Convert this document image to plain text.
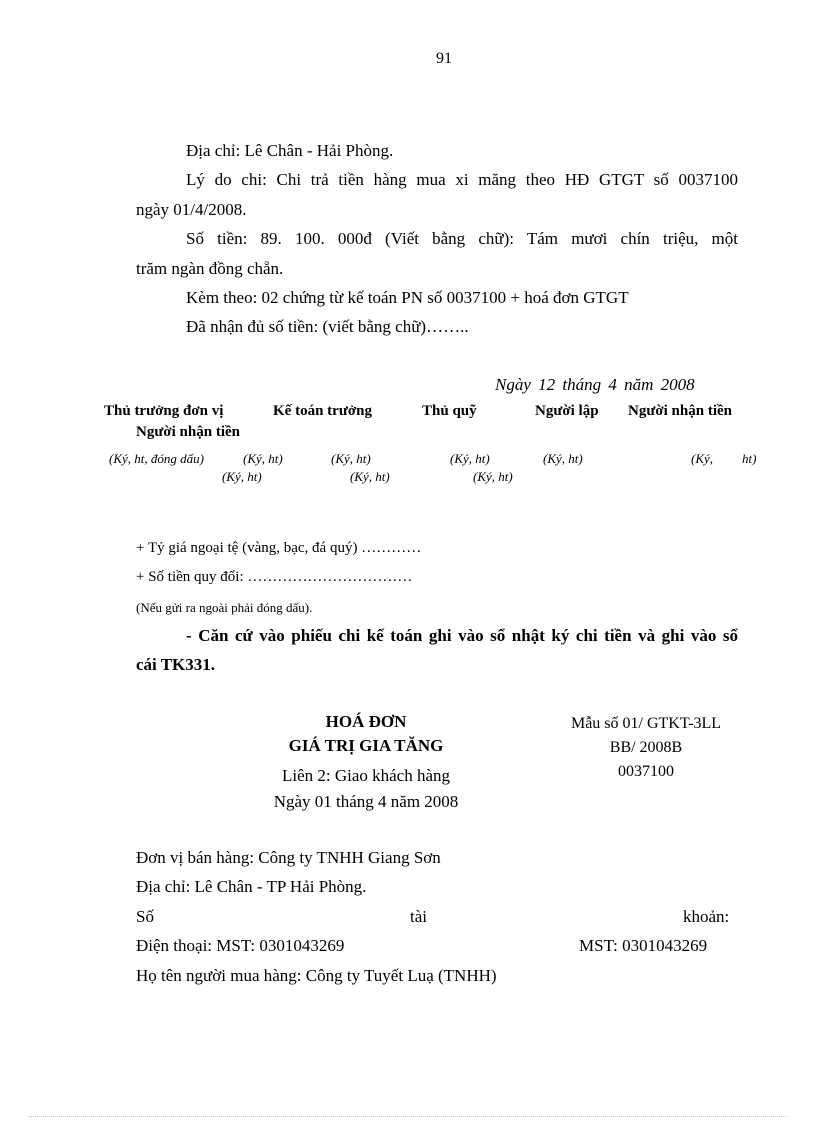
91
Địa chỉ: Lê Chân - Hải Phòng.
Lý do chi: Chi trả tiền hàng mua xi măng theo HĐ GTGT số 0037100
ngày 01/4/2008.
Số tiền: 89. 100. 000đ (Viết bằng chữ): Tám mươi chín triệu, một
trăm ngàn đồng chẵn.
Kèm theo: 02 chứng từ kế toán PN số 0037100 + hoá đơn GTGT
Đã nhận đủ số tiền: (viết bằng chữ)……..
Ngày 12 tháng 4 năm 2008
Thủ trưởng đơn vị	Kế toán trưởng	Thủ quỹ	Người lập Người nhận tiền
Người nhận tiền
(Ký, ht, đóng dấu)	(Ký, ht)	(Ký, ht)	(Ký, ht)	(Ký, ht)	(Ký, ht)
(Ký, ht)	(Ký, ht)	(Ký, ht)
+ Tỷ giá ngoại tệ (vàng, bạc, đá quý) …………
+ Số tiền quy đổi: ……………………………
(Nếu gửi ra ngoài phải đóng dấu).
- Căn cứ vào phiếu chi kế toán ghi vào sổ nhật ký chi tiền và ghi vào sổ
cái TK331.
HOÁ ĐƠN
GIÁ TRỊ GIA TĂNG
Liên 2: Giao khách hàng
Ngày 01 tháng 4 năm 2008
Mẫu số 01/ GTKT-3LL
BB/ 2008B
0037100
Đơn vị bán hàng: Công ty TNHH Giang Sơn
Địa chỉ: Lê Chân - TP Hải Phòng.
Số	tài	khoản:
Điện thoại: MST: 0301043269	MST: 0301043269
Họ tên người mua hàng: Công ty Tuyết Luạ (TNHH)
